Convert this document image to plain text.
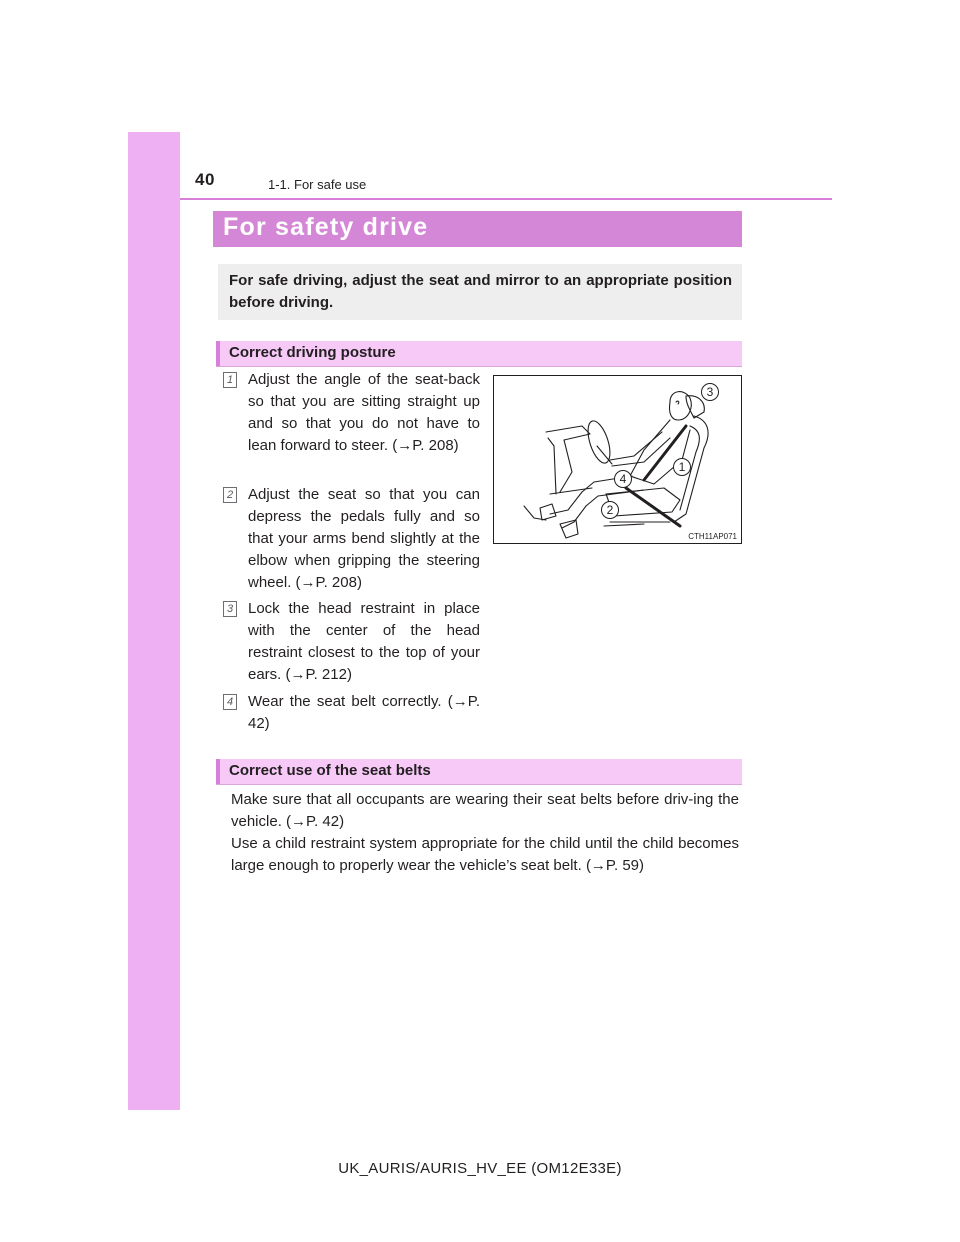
40	1-1. For safe use
For safety drive
For safe driving, adjust the seat and mirror to an appropriate position before driving.
Correct driving posture
1 Adjust the angle of the seat-back so that you are sitting straight up and so that you do not have to lean forward to steer. (→P. 208)
2 Adjust the seat so that you can depress the pedals fully and so that your arms bend slightly at the elbow when gripping the steering wheel. (→P. 208)
3 Lock the head restraint in place with the center of the head restraint closest to the top of your ears. (→P. 212)
4 Wear the seat belt correctly. (→P. 42)
3
1
4
2
CTH11AP071
Correct use of the seat belts
Make sure that all occupants are wearing their seat belts before driv-ing the vehicle. (→P. 42)
Use a child restraint system appropriate for the child until the child becomes large enough to properly wear the vehicle’s seat belt. (→P. 59)
UK_AURIS/AURIS_HV_EE (OM12E33E)
